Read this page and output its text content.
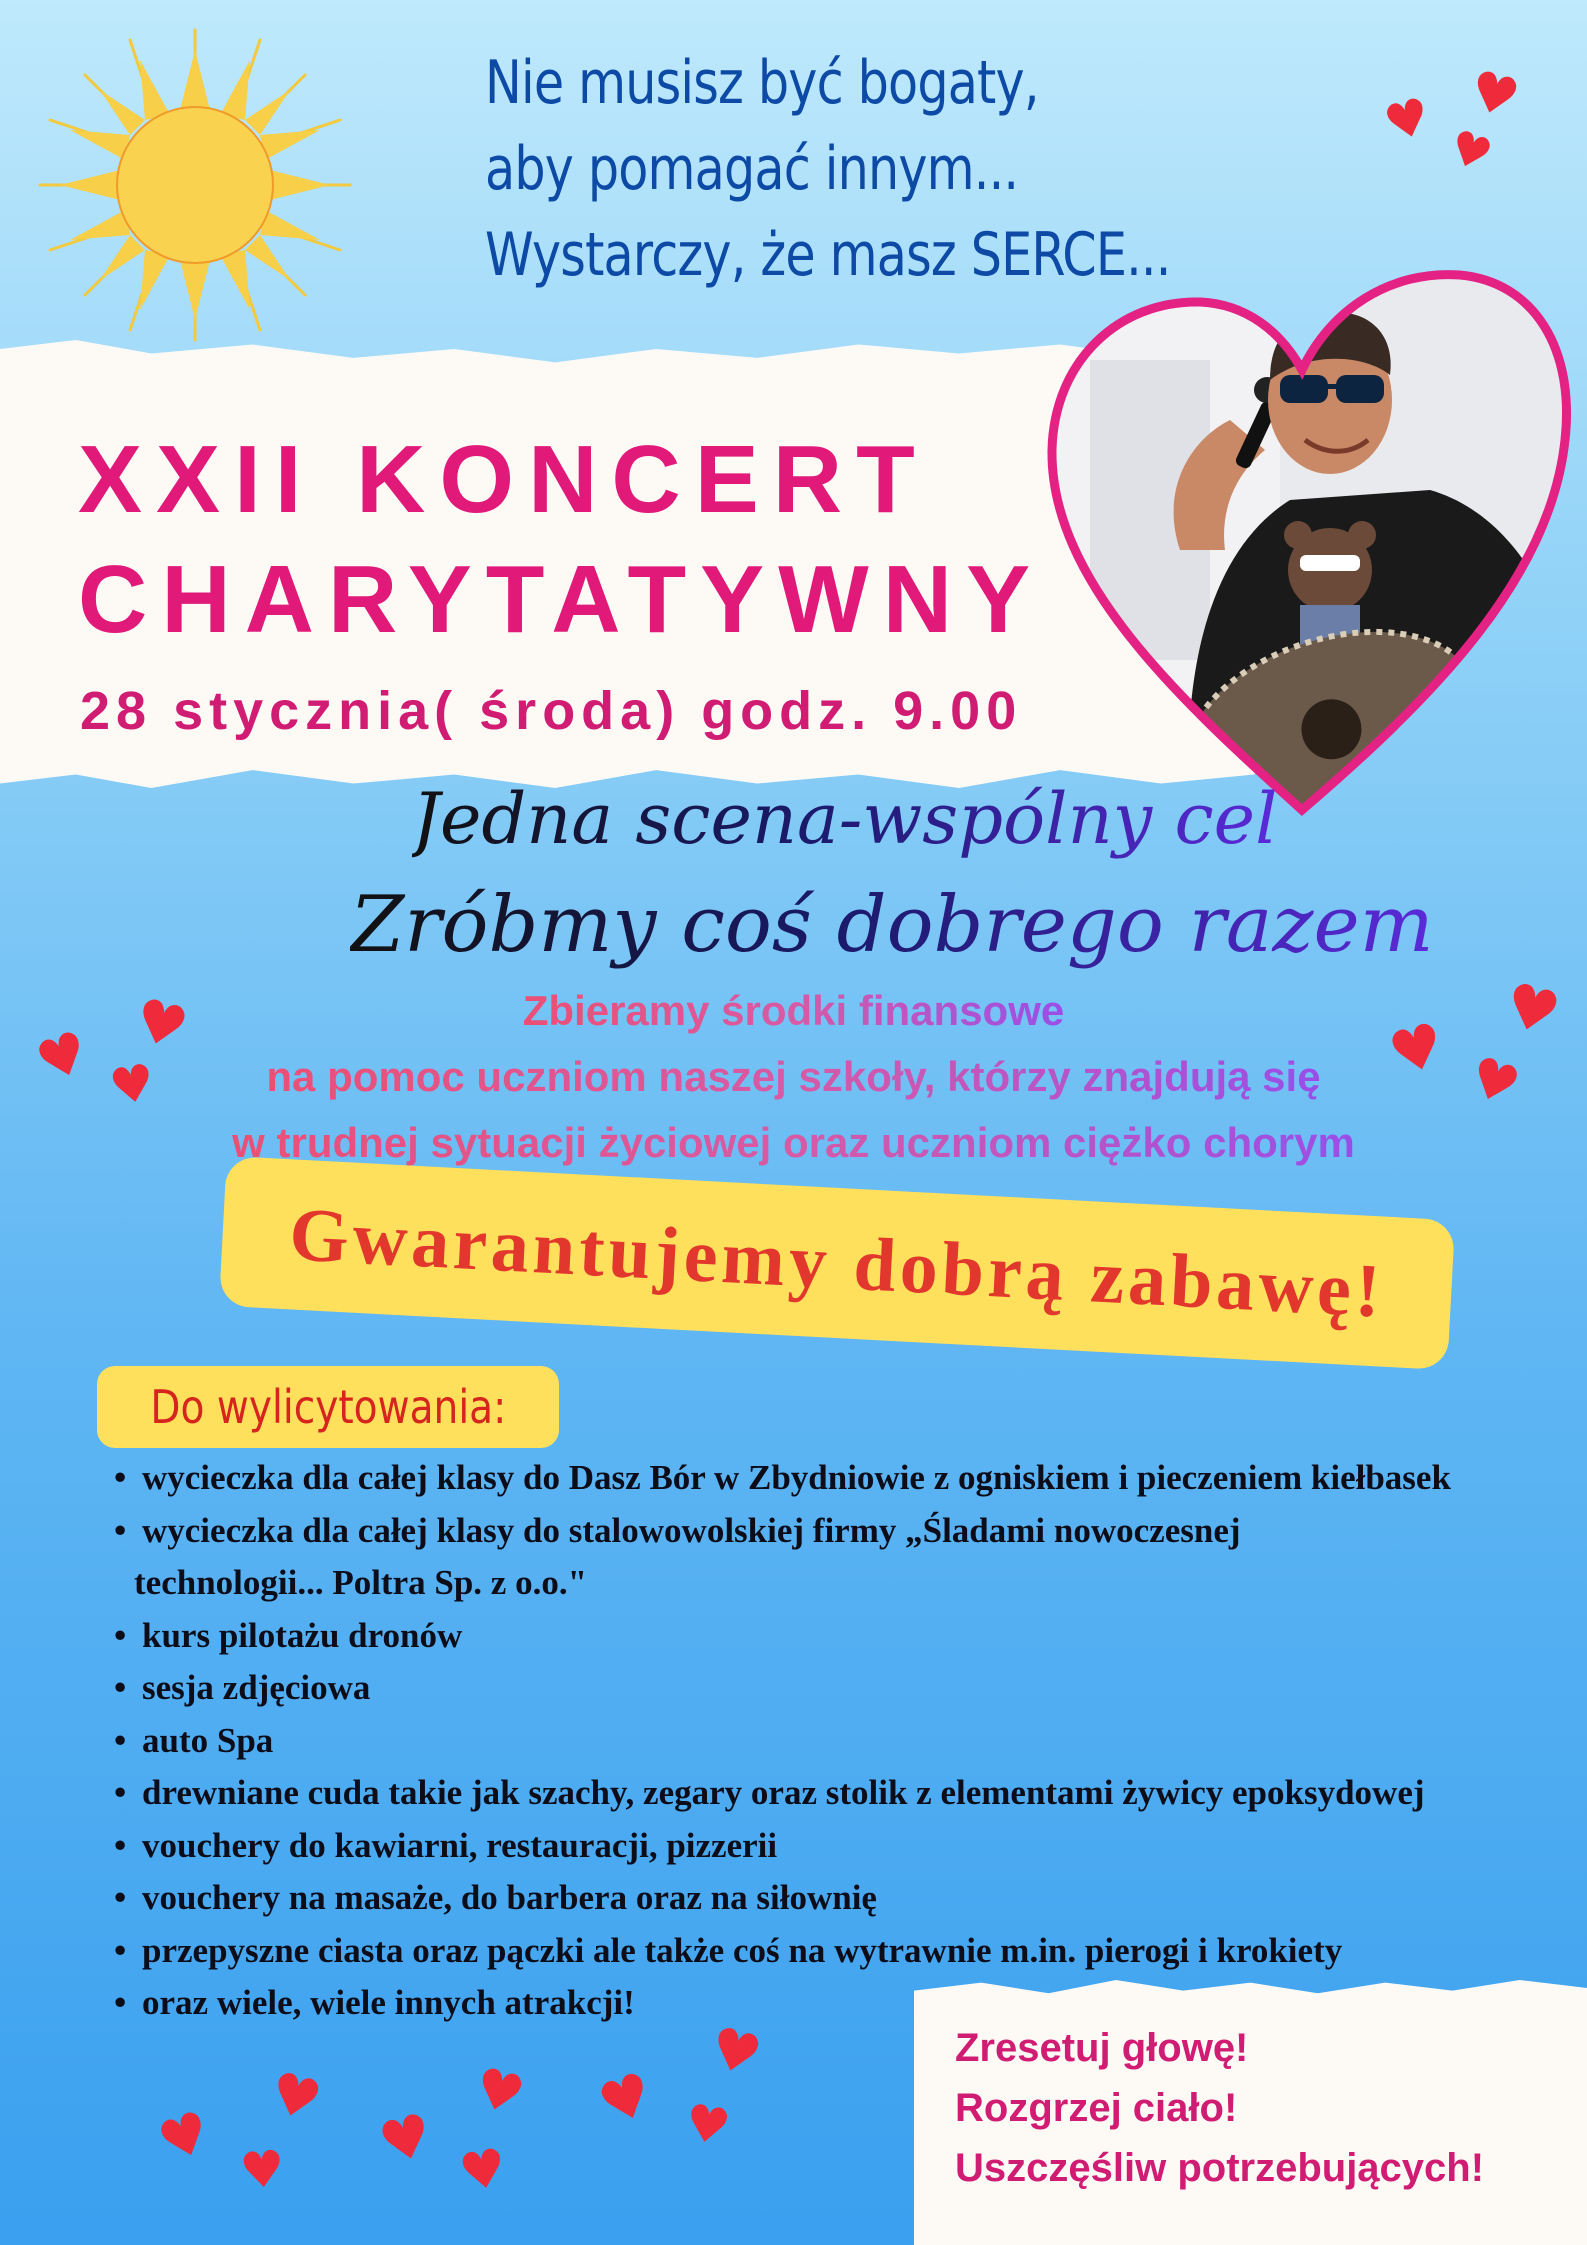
Nie musisz być bogaty,
aby pomagać innym...
Wystarczy, że masz SERCE...
XXII KONCERT
CHARYTATYWNY
28 stycznia( środa) godz. 9.00
Jedna scena-wspólny cel
Zróbmy coś dobrego razem
Zbieramy środki finansowe
na pomoc uczniom naszej szkoły, którzy znajdują się
w trudnej sytuacji życiowej oraz uczniom ciężko chorym
Gwarantujemy dobrą zabawę!
Do wylicytowania:
• wycieczka dla całej klasy do Dasz Bór w Zbydniowie z ogniskiem i pieczeniem kiełbasek
• wycieczka dla całej klasy do stalowowolskiej firmy „Śladami nowoczesnej
technologii... Poltra Sp. z o.o."
• kurs pilotażu dronów
• sesja zdjęciowa
• auto Spa
• drewniane cuda takie jak szachy, zegary oraz stolik z elementami żywicy epoksydowej
• vouchery do kawiarni, restauracji, pizzerii
• vouchery na masaże, do barbera oraz na siłownię
• przepyszne ciasta oraz pączki ale także coś na wytrawnie m.in. pierogi i krokiety
• oraz wiele, wiele innych atrakcji!
Zresetuj głowę!
Rozgrzej ciało!
Uszczęśliw potrzebujących!
♥ ♥
♥
♥ ♥
♥	♥ ♥
♥
♥
♥
♥ ♥
♥
♥
♥
♥
♥
